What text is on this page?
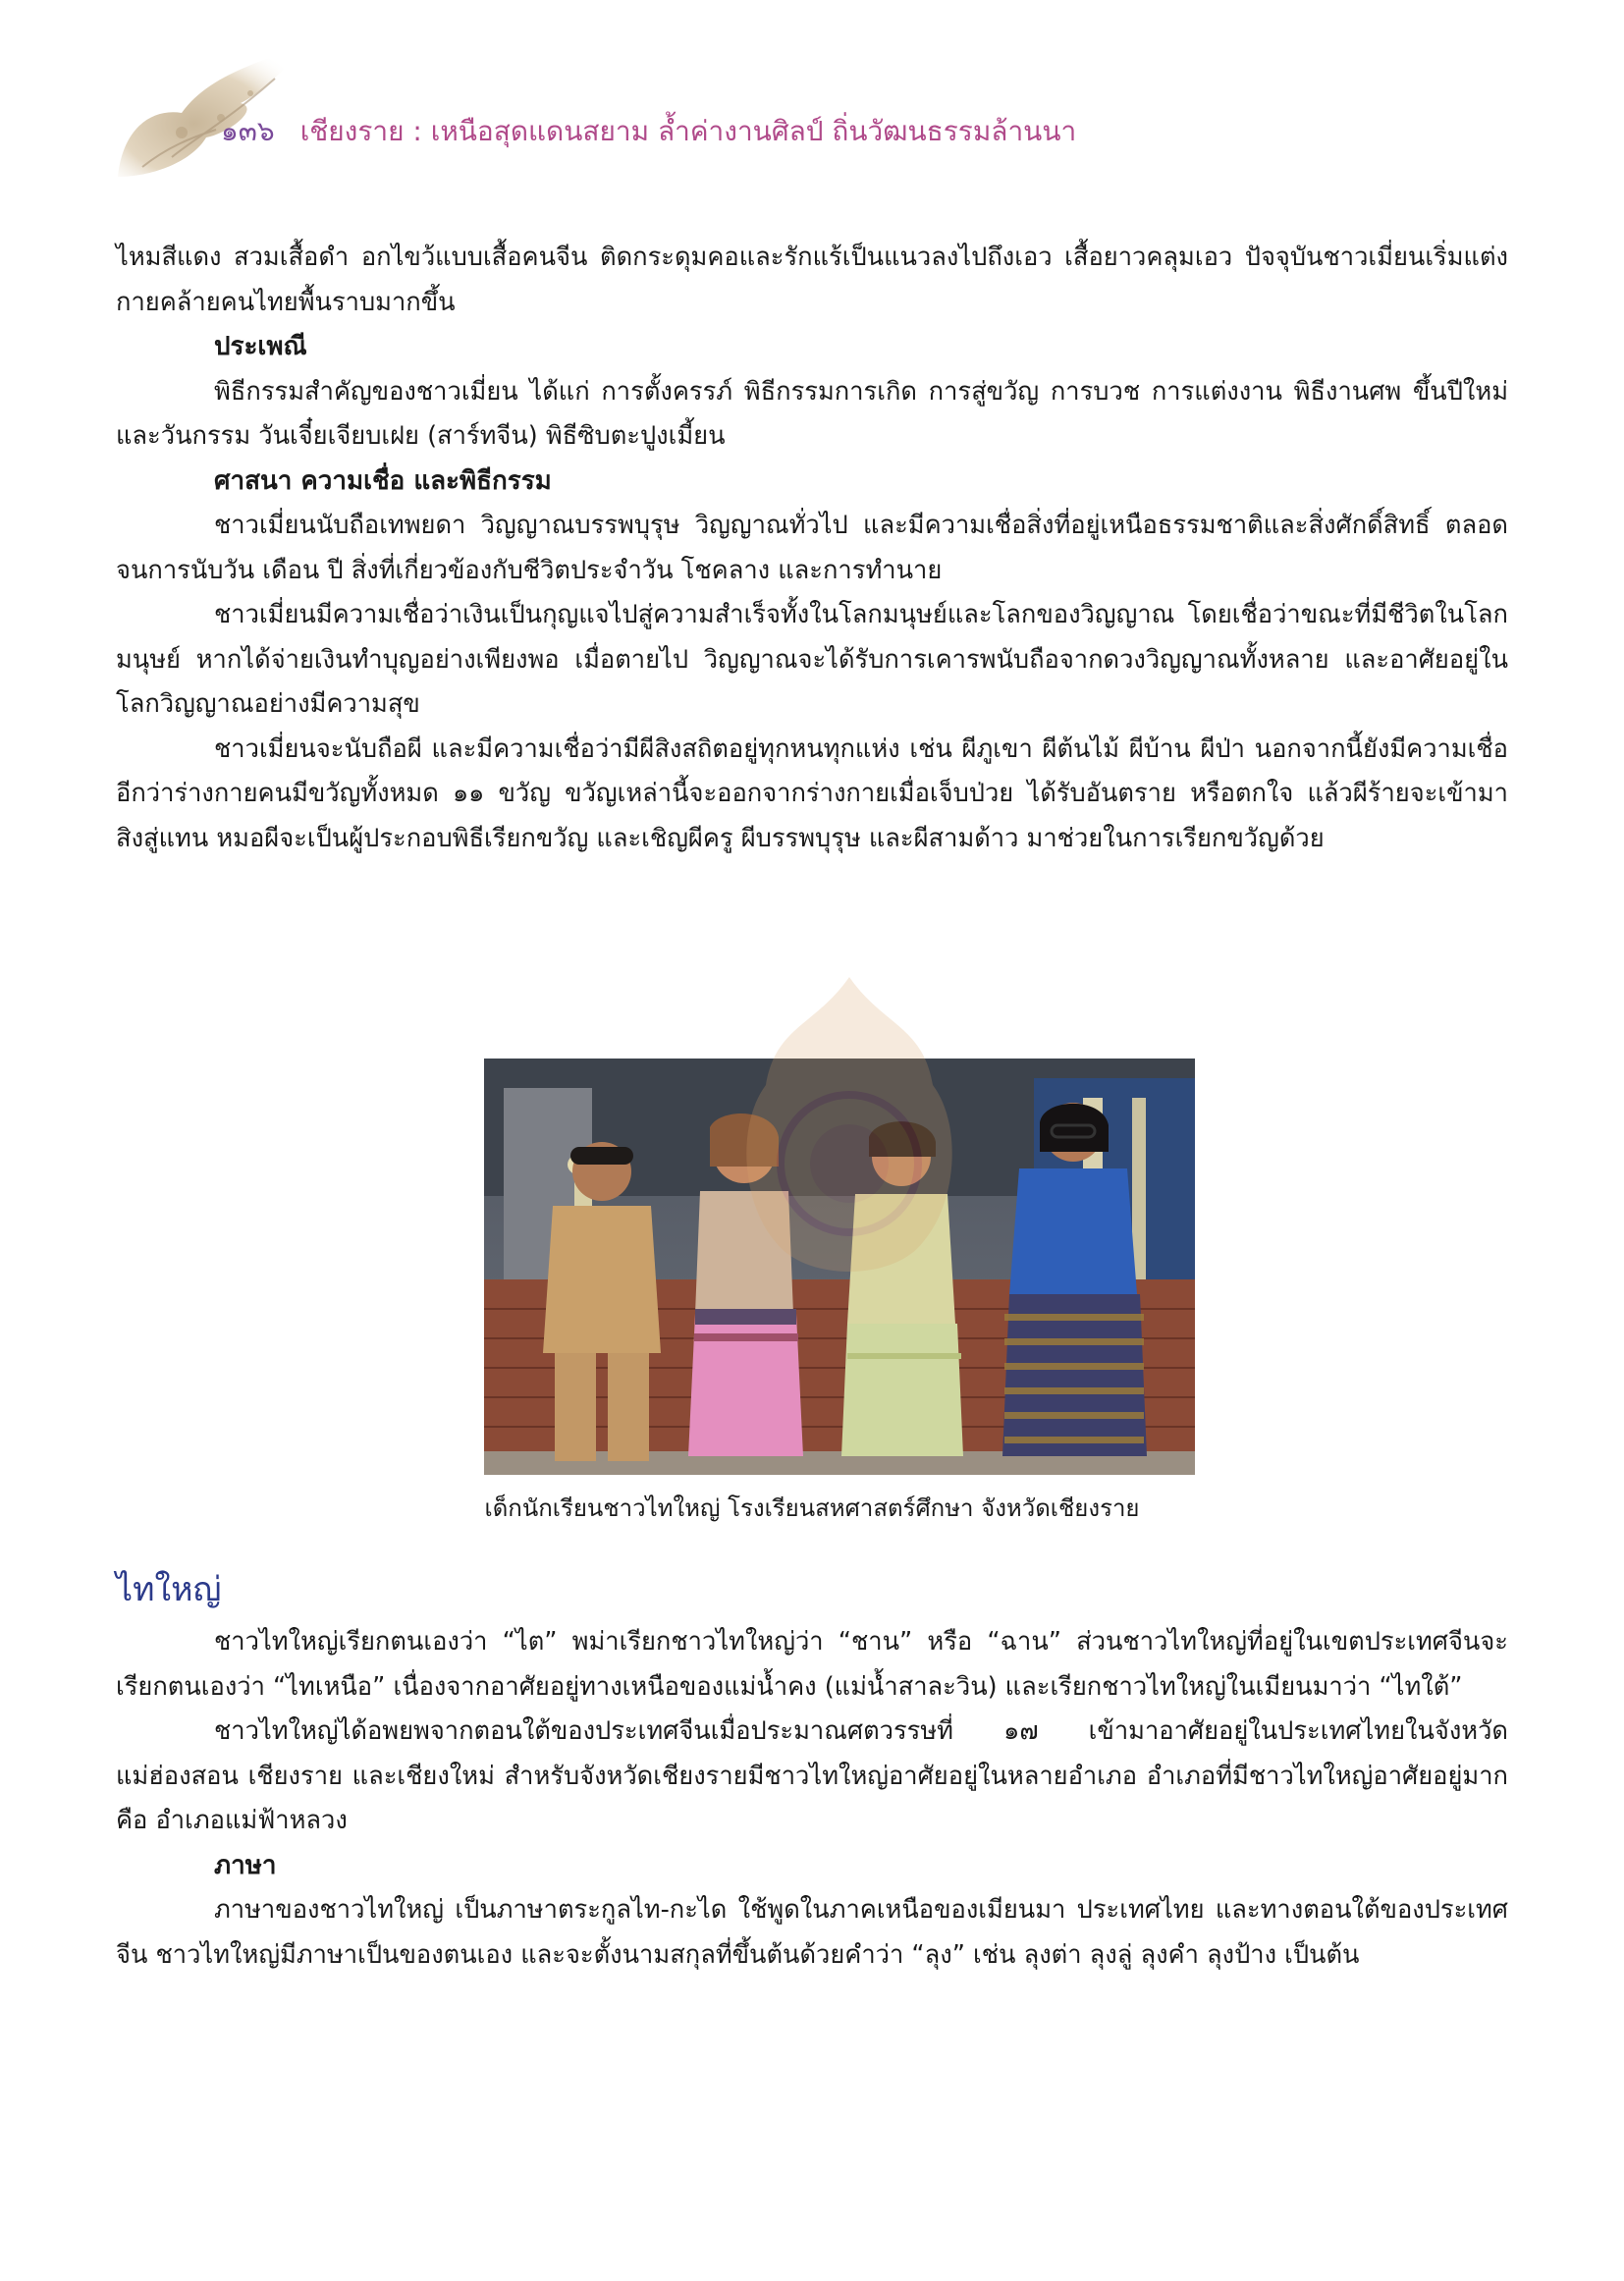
๑๓๖ เชียงราย : เหนือสุดแดนสยาม ล้ำค่างานศิลป์ ถิ่นวัฒนธรรมล้านนา

ไหมสีแดง สวมเสื้อดำ อกไขว้แบบเสื้อคนจีน ติดกระดุมคอและรักแร้เป็นแนวลงไปถึงเอว เสื้อยาวคลุมเอว ปัจจุบันชาวเมี่ยนเริ่มแต่งกายคล้ายคนไทยพื้นราบมากขึ้น

ประเพณี

พิธีกรรมสำคัญของชาวเมี่ยน ได้แก่ การตั้งครรภ์ พิธีกรรมการเกิด การสู่ขวัญ การบวช การแต่งงาน พิธีงานศพ ขึ้นปีใหม่ และวันกรรม วันเจี๋ยเจียบเฝย (สาร์ทจีน) พิธีซิบตะปูงเมี้ยน

ศาสนา ความเชื่อ และพิธีกรรม

ชาวเมี่ยนนับถือเทพยดา วิญญาณบรรพบุรุษ วิญญาณทั่วไป และมีความเชื่อสิ่งที่อยู่เหนือธรรมชาติและสิ่งศักดิ์สิทธิ์ ตลอดจนการนับวัน เดือน ปี สิ่งที่เกี่ยวข้องกับชีวิตประจำวัน โชคลาง และการทำนาย

ชาวเมี่ยนมีความเชื่อว่าเงินเป็นกุญแจไปสู่ความสำเร็จทั้งในโลกมนุษย์และโลกของวิญญาณ โดยเชื่อว่าขณะที่มีชีวิตในโลกมนุษย์ หากได้จ่ายเงินทำบุญอย่างเพียงพอ เมื่อตายไป วิญญาณจะได้รับการเคารพนับถือจากดวงวิญญาณทั้งหลาย และอาศัยอยู่ในโลกวิญญาณอย่างมีความสุข

ชาวเมี่ยนจะนับถือผี และมีความเชื่อว่ามีผีสิงสถิตอยู่ทุกหนทุกแห่ง เช่น ผีภูเขา ผีต้นไม้ ผีบ้าน ผีป่า นอกจากนี้ยังมีความเชื่ออีกว่าร่างกายคนมีขวัญทั้งหมด ๑๑ ขวัญ ขวัญเหล่านี้จะออกจากร่างกายเมื่อเจ็บป่วย ได้รับอันตราย หรือตกใจ แล้วผีร้ายจะเข้ามาสิงสู่แทน หมอผีจะเป็นผู้ประกอบพิธีเรียกขวัญ และเชิญผีครู ผีบรรพบุรุษ และผีสามด้าว มาช่วยในการเรียกขวัญด้วย

เด็กนักเรียนชาวไทใหญ่ โรงเรียนสหศาสตร์ศึกษา จังหวัดเชียงราย
ไทใหญ่

ชาวไทใหญ่เรียกตนเองว่า “ไต” พม่าเรียกชาวไทใหญ่ว่า “ชาน” หรือ “ฉาน” ส่วนชาวไทใหญ่ที่อยู่ในเขตประเทศจีนจะเรียกตนเองว่า “ไทเหนือ” เนื่องจากอาศัยอยู่ทางเหนือของแม่น้ำคง (แม่น้ำสาละวิน) และเรียกชาวไทใหญ่ในเมียนมาว่า “ไทใต้”

ชาวไทใหญ่ได้อพยพจากตอนใต้ของประเทศจีนเมื่อประมาณศตวรรษที่ ๑๗ เข้ามาอาศัยอยู่ในประเทศไทยในจังหวัดแม่ฮ่องสอน เชียงราย และเชียงใหม่ สำหรับจังหวัดเชียงรายมีชาวไทใหญ่อาศัยอยู่ในหลายอำเภอ อำเภอที่มีชาวไทใหญ่อาศัยอยู่มาก คือ อำเภอแม่ฟ้าหลวง

ภาษา

ภาษาของชาวไทใหญ่ เป็นภาษาตระกูลไท-กะได ใช้พูดในภาคเหนือของเมียนมา ประเทศไทย และทางตอนใต้ของประเทศจีน ชาวไทใหญ่มีภาษาเป็นของตนเอง และจะตั้งนามสกุลที่ขึ้นต้นด้วยคำว่า “ลุง” เช่น ลุงต่า ลุงลู่ ลุงคำ ลุงป้าง เป็นต้น
